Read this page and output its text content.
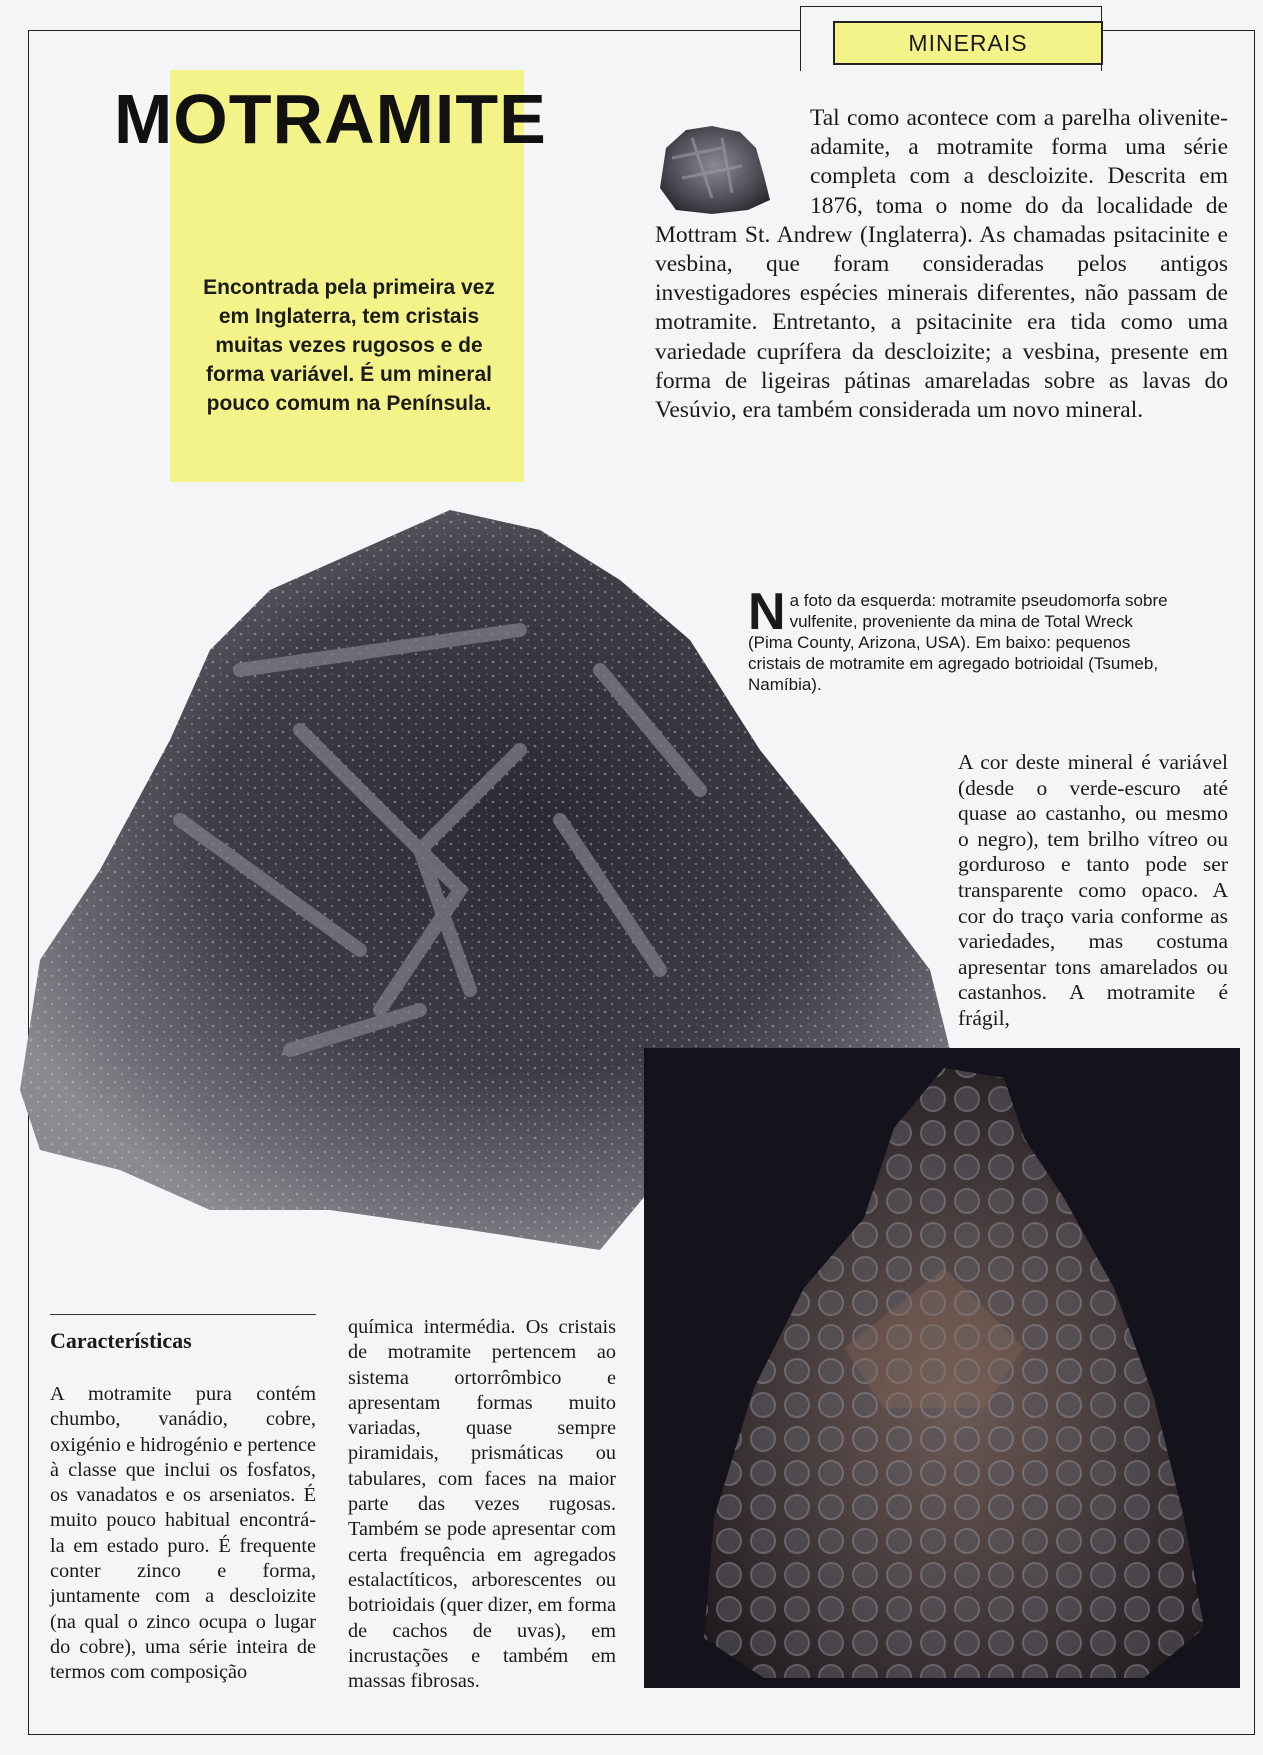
MINERAIS
MOTRAMITE

Encontrada pela primeira vez em Inglaterra, tem cristais muitas vezes rugosos e de forma variável. É um mineral pouco comum na Península.

Tal como acontece com a parelha olivenite-adamite, a motramite forma uma série completa com a descloizite. Descrita em 1876, toma o nome do da localidade de Mottram St. Andrew (Inglaterra). As chamadas psitacinite e vesbina, que foram consideradas pelos antigos investigadores espécies minerais diferentes, não passam de motramite. Entretanto, a psitacinite era tida como uma variedade cuprífera da descloizite; a vesbina, presente em forma de ligeiras pátinas amareladas sobre as lavas do Vesúvio, era também considerada um novo mineral.

Na foto da esquerda: motramite pseudomorfa sobre vulfenite, proveniente da mina de Total Wreck (Pima County, Arizona, USA). Em baixo: pequenos cristais de motramite em agregado botrioidal (Tsumeb, Namíbia).

A cor deste mineral é variável (desde o verde-escuro até quase ao castanho, ou mesmo o negro), tem brilho vítreo ou gorduroso e tanto pode ser transparente como opaco. A cor do traço varia conforme as variedades, mas costuma apresentar tons amarelados ou castanhos. A motramite é frágil,

Características

A motramite pura contém chumbo, vanádio, cobre, oxigénio e hidrogénio e pertence à classe que inclui os fosfatos, os vanadatos e os arseniatos. É muito pouco habitual encontrá-la em estado puro. É frequente conter zinco e forma, juntamente com a descloizite (na qual o zinco ocupa o lugar do cobre), uma série inteira de termos com composição

química intermédia. Os cristais de motramite pertencem ao sistema ortorrômbico e apresentam formas muito variadas, quase sempre piramidais, prismáticas ou tabulares, com faces na maior parte das vezes rugosas. Também se pode apresentar com certa frequência em agregados estalactíticos, arborescentes ou botrioidais (quer dizer, em forma de cachos de uvas), em incrustações e também em massas fibrosas.
